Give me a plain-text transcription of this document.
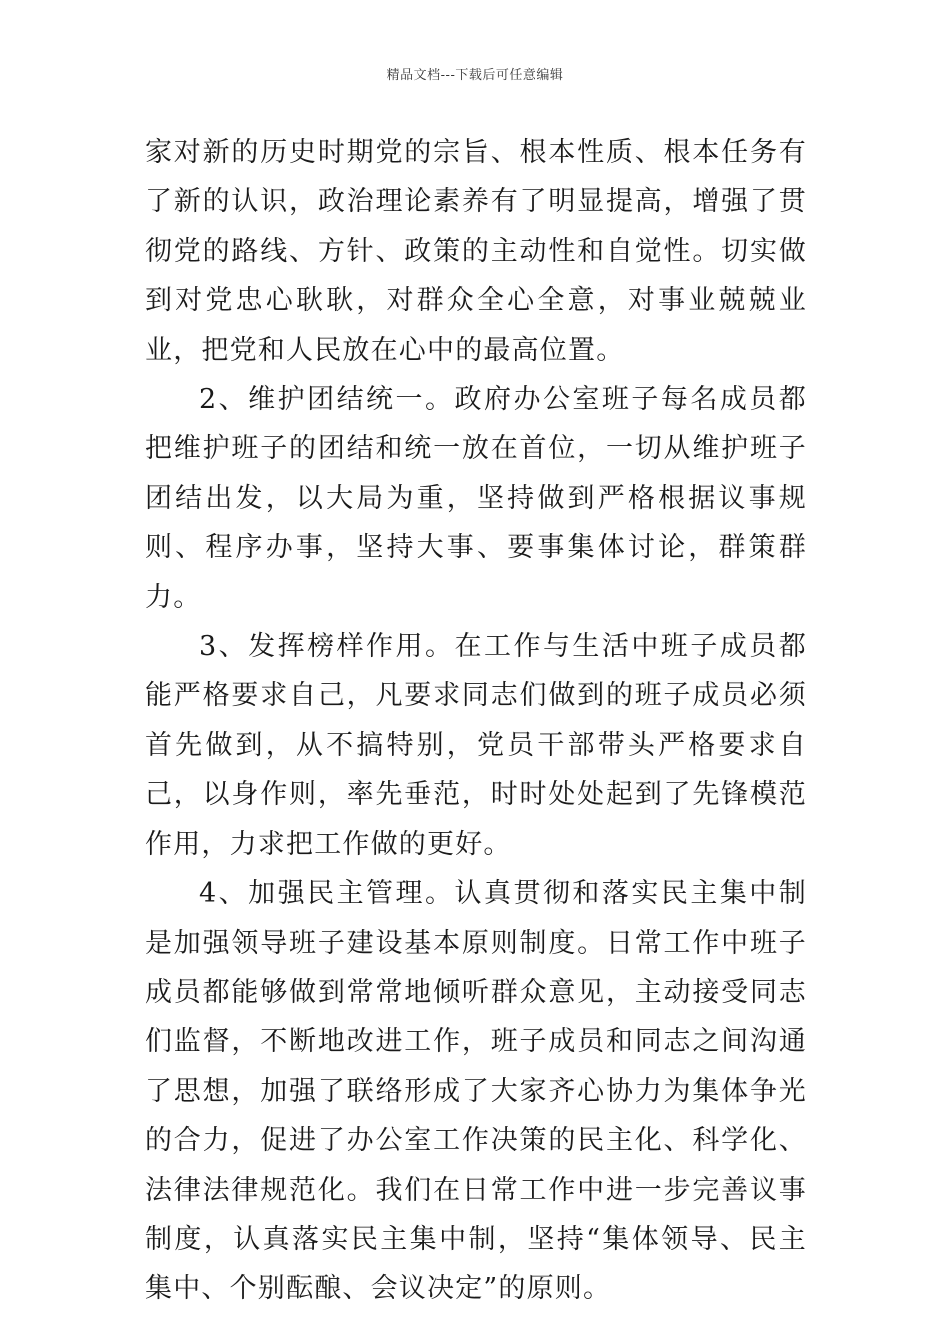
精品文档---下载后可任意编辑

家对新的历史时期党的宗旨、根本性质、根本任务有了新的认识，政治理论素养有了明显提高，增强了贯彻党的路线、方针、政策的主动性和自觉性。切实做到对党忠心耿耿，对群众全心全意，对事业兢兢业业，把党和人民放在心中的最高位置。

2、维护团结统一。政府办公室班子每名成员都把维护班子的团结和统一放在首位，一切从维护班子团结出发，以大局为重，坚持做到严格根据议事规则、程序办事，坚持大事、要事集体讨论，群策群力。

3、发挥榜样作用。在工作与生活中班子成员都能严格要求自己，凡要求同志们做到的班子成员必须首先做到，从不搞特别，党员干部带头严格要求自己，以身作则，率先垂范，时时处处起到了先锋模范作用，力求把工作做的更好。

4、加强民主管理。认真贯彻和落实民主集中制是加强领导班子建设基本原则制度。日常工作中班子成员都能够做到常常地倾听群众意见，主动接受同志们监督，不断地改进工作，班子成员和同志之间沟通了思想，加强了联络形成了大家齐心协力为集体争光的合力，促进了办公室工作决策的民主化、科学化、法律法律规范化。我们在日常工作中进一步完善议事制度，认真落实民主集中制，坚持“集体领导、民主集中、个别酝酿、会议决定”的原则。
